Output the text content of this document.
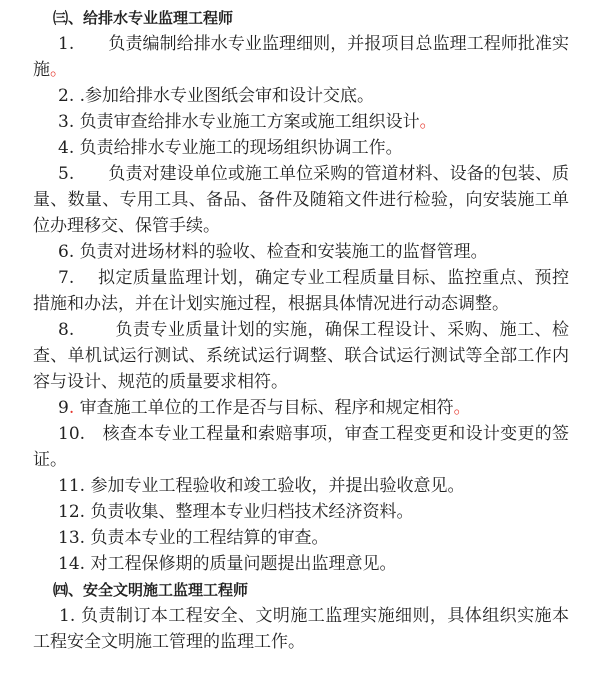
㈢、给排水专业监理工程师

1.　　负责编制给排水专业监理细则，并报项目总监理工程师批准实施。

2. .参加给排水专业图纸会审和设计交底。

3. 负责审查给排水专业施工方案或施工组织设计。

4. 负责给排水专业施工的现场组织协调工作。

5.　　负责对建设单位或施工单位采购的管道材料、设备的包装、质量、数量、专用工具、备品、备件及随箱文件进行检验，向安装施工单位办理移交、保管手续。

6. 负责对进场材料的验收、检查和安装施工的监督管理。

7.　 拟定质量监理计划，确定专业工程质量目标、监控重点、预控措施和办法，并在计划实施过程，根据具体情况进行动态调整。

8.　　 负责专业质量计划的实施，确保工程设计、采购、施工、检查、单机试运行测试、系统试运行调整、联合试运行测试等全部工作内容与设计、规范的质量要求相符。

9. 审查施工单位的工作是否与目标、程序和规定相符。

10.　核查本专业工程量和索赔事项，审查工程变更和设计变更的签证。

11. 参加专业工程验收和竣工验收，并提出验收意见。

12. 负责收集、整理本专业归档技术经济资料。

13. 负责本专业的工程结算的审查。

14. 对工程保修期的质量问题提出监理意见。

㈣、安全文明施工监理工程师

1. 负责制订本工程安全、文明施工监理实施细则，具体组织实施本工程安全文明施工管理的监理工作。
